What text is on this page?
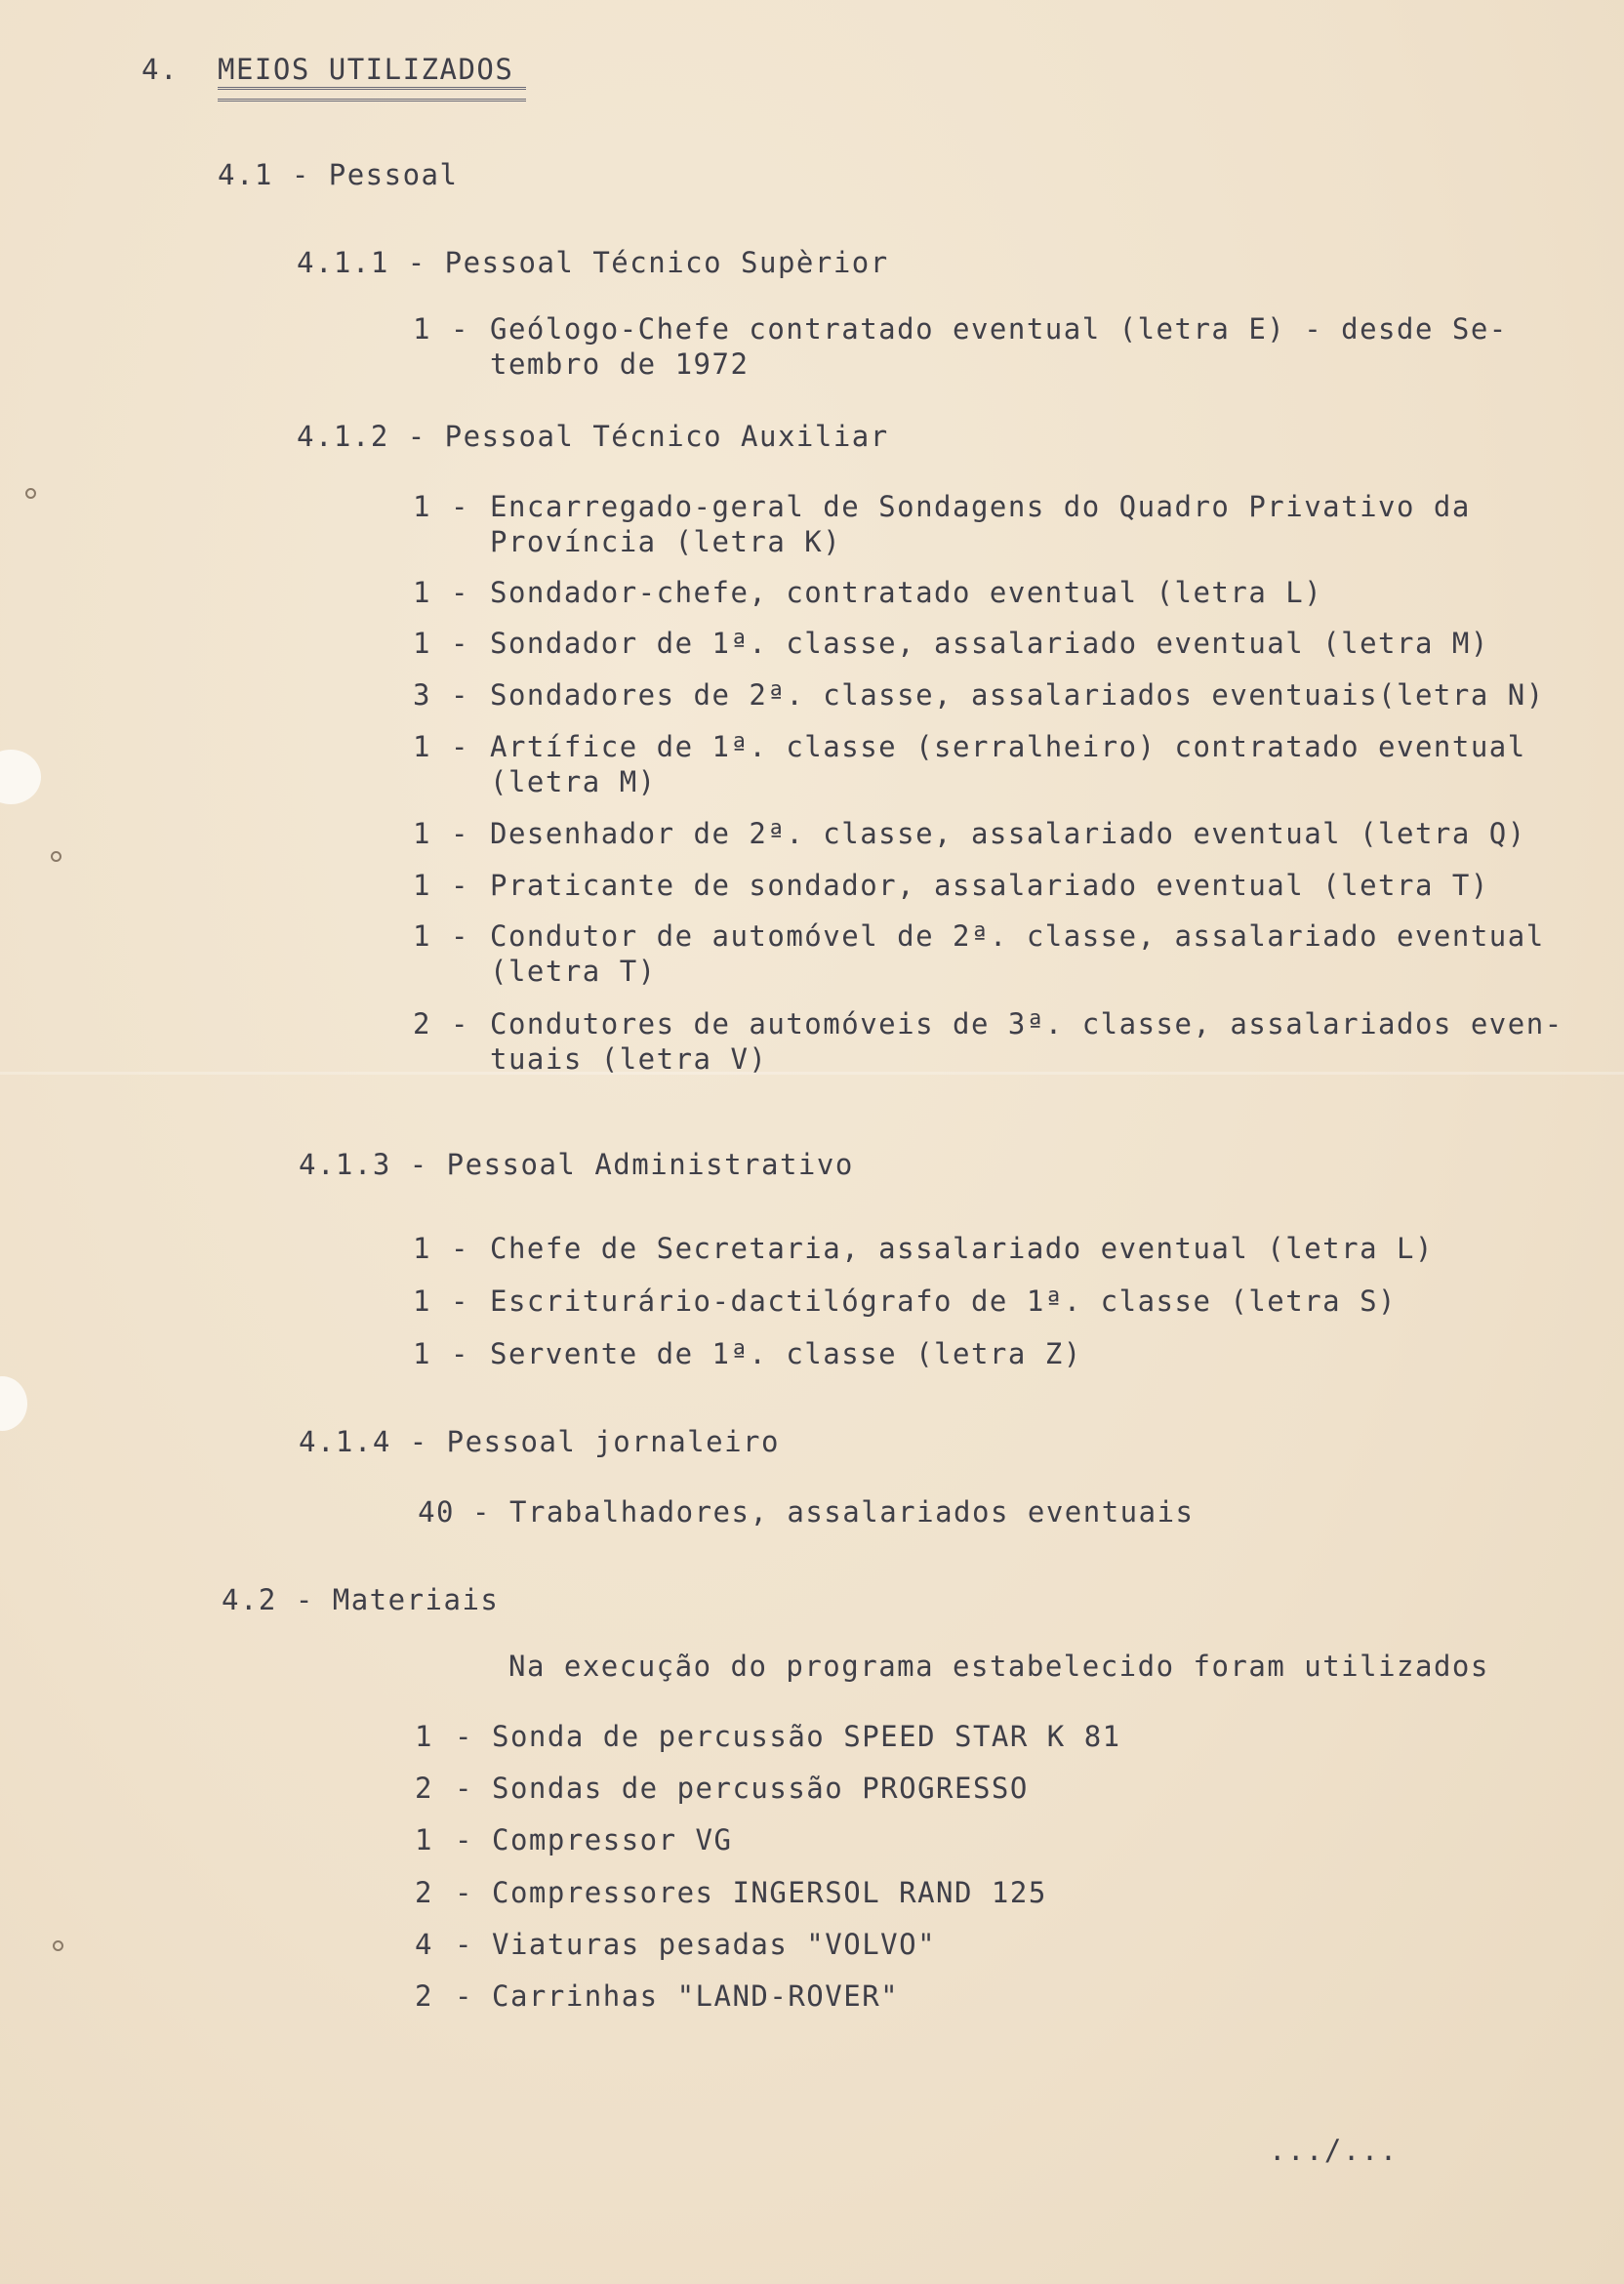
4. MEIOS UTILIZADOS
4.1 - Pessoal
4.1.1 - Pessoal Técnico Supèrior
1 - Geólogo-Chefe contratado eventual (letra E) - desde Se-
tembro de 1972
4.1.2 - Pessoal Técnico Auxiliar
1 - Encarregado-geral de Sondagens do Quadro Privativo da
Província (letra K)
1 - Sondador-chefe, contratado eventual (letra L)
1 - Sondador de 1ª. classe, assalariado eventual (letra M)
3 - Sondadores de 2ª. classe, assalariados eventuais(letra N)
1 - Artífice de 1ª. classe (serralheiro) contratado eventual
(letra M)
1 - Desenhador de 2ª. classe, assalariado eventual (letra Q)
1 - Praticante de sondador, assalariado eventual (letra T)
1 - Condutor de automóvel de 2ª. classe, assalariado eventual
(letra T)
2 - Condutores de automóveis de 3ª. classe, assalariados even-
tuais (letra V)
4.1.3 - Pessoal Administrativo
1 - Chefe de Secretaria, assalariado eventual (letra L)
1 - Escriturário-dactilógrafo de 1ª. classe (letra S)
1 - Servente de 1ª. classe (letra Z)
4.1.4 - Pessoal jornaleiro
40 - Trabalhadores, assalariados eventuais
4.2 - Materiais
Na execução do programa estabelecido foram utilizados
1 - Sonda de percussão SPEED STAR K 81
2 - Sondas de percussão PROGRESSO
1 - Compressor VG
2 - Compressores INGERSOL RAND 125
4 - Viaturas pesadas "VOLVO"
2 - Carrinhas "LAND-ROVER"
.../...
